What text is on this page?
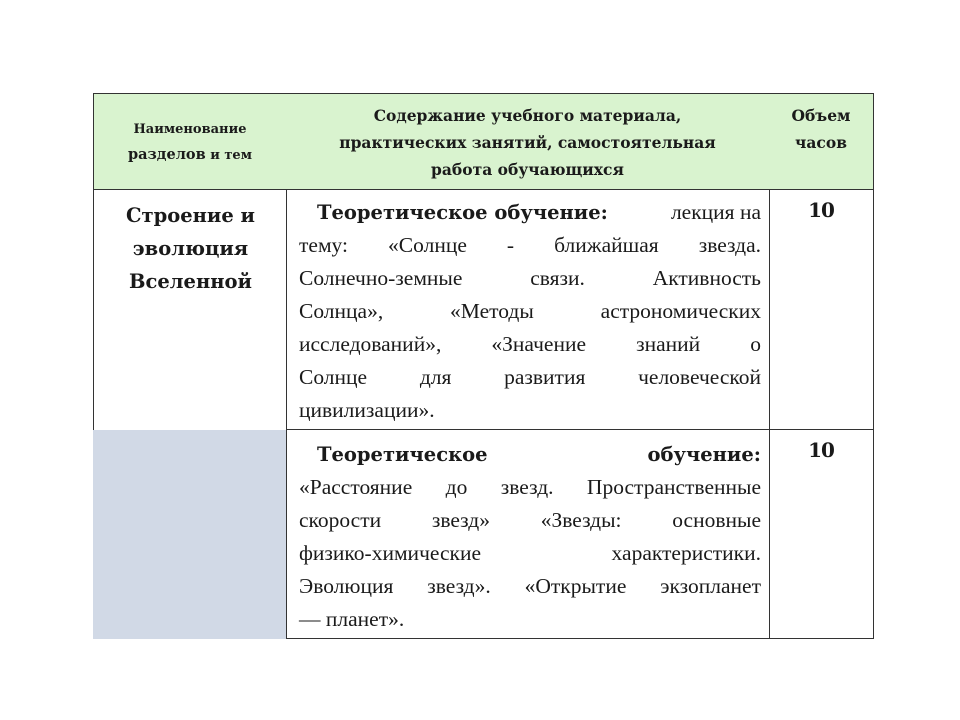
Наименование
разделов и тем
Содержание учебного материала,
практических занятий, самостоятельная
работа обучающихся
Объем
часов
Строение и
эволюция
Вселенной
Теоретическое обучение:	лекция на
тему: «Солнце - ближайшая звезда.
Солнечно-земные связи. Активность
Солнца», «Методы астрономических
исследований», «Значение знаний о
Солнце для развития человеческой
цивилизации».
10
Теоретическое	обучение:
«Расстояние до звезд. Пространственные
скорости звезд» «Звезды: основные
физико-химические характеристики.
Эволюция звезд». «Открытие экзопланет
— планет».
10
